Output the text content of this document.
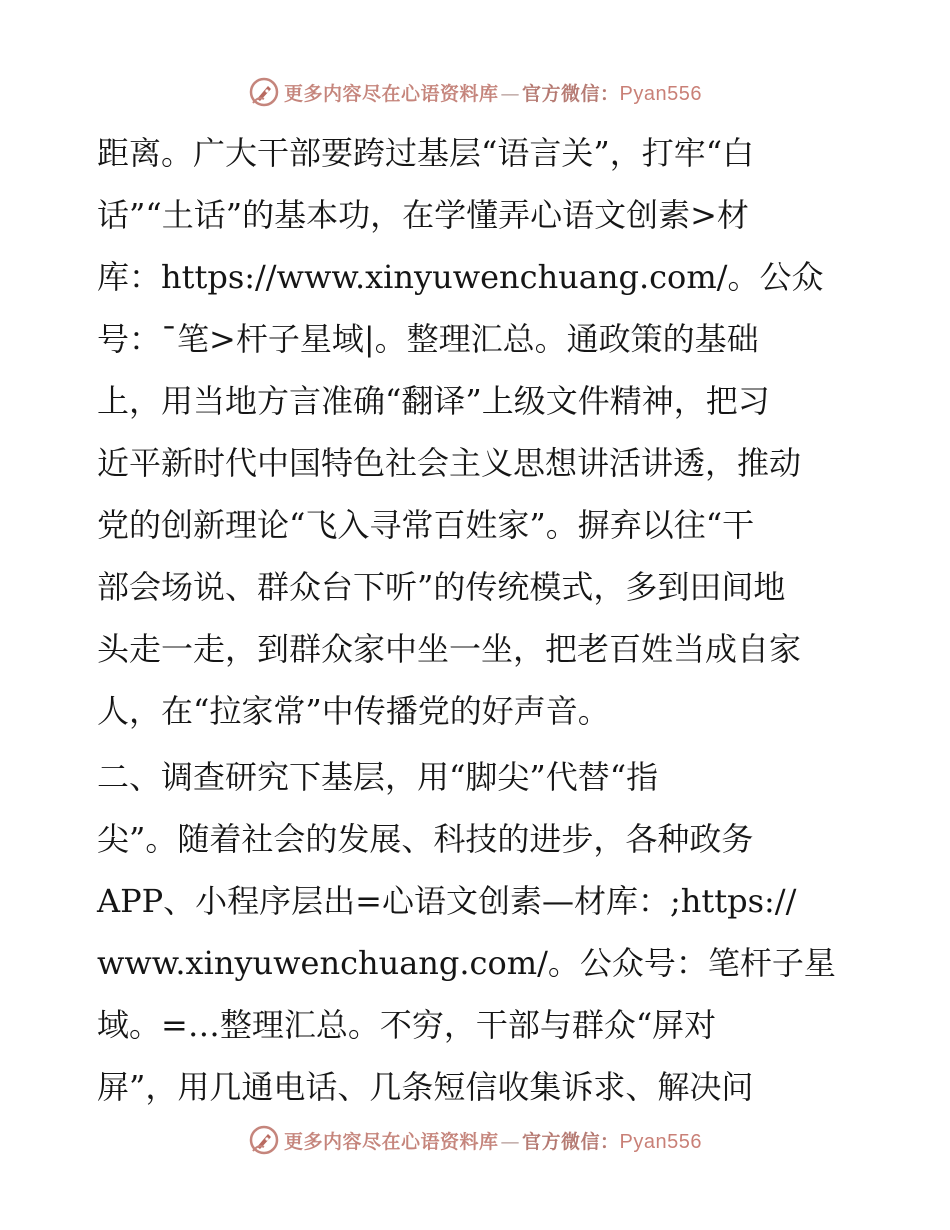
更多内容尽在心语资料库 — 官方微信：Pyan556
距离。广大干部要跨过基层“语言关”，打牢“白
话”“土话”的基本功，在学懂弄心语文创素>材
库：https://www.xinyuwenchuang.com/。公众
号：¯笔>杆子星域|。整理汇总。通政策的基础
上，用当地方言准确“翻译”上级文件精神，把习
近平新时代中国特色社会主义思想讲活讲透，推动
党的创新理论“飞入寻常百姓家”。摒弃以往“干
部会场说、群众台下听”的传统模式，多到田间地
头走一走，到群众家中坐一坐，把老百姓当成自家
人，在“拉家常”中传播党的好声音。
二、调查研究下基层，用“脚尖”代替“指
尖”。随着社会的发展、科技的进步，各种政务
APP、小程序层出=心语文创素—材库：;https://
www.xinyuwenchuang.com/。公众号：笔杆子星
域。=…整理汇总。不穷，干部与群众“屏对
屏”，用几通电话、几条短信收集诉求、解决问
更多内容尽在心语资料库 — 官方微信：Pyan556
